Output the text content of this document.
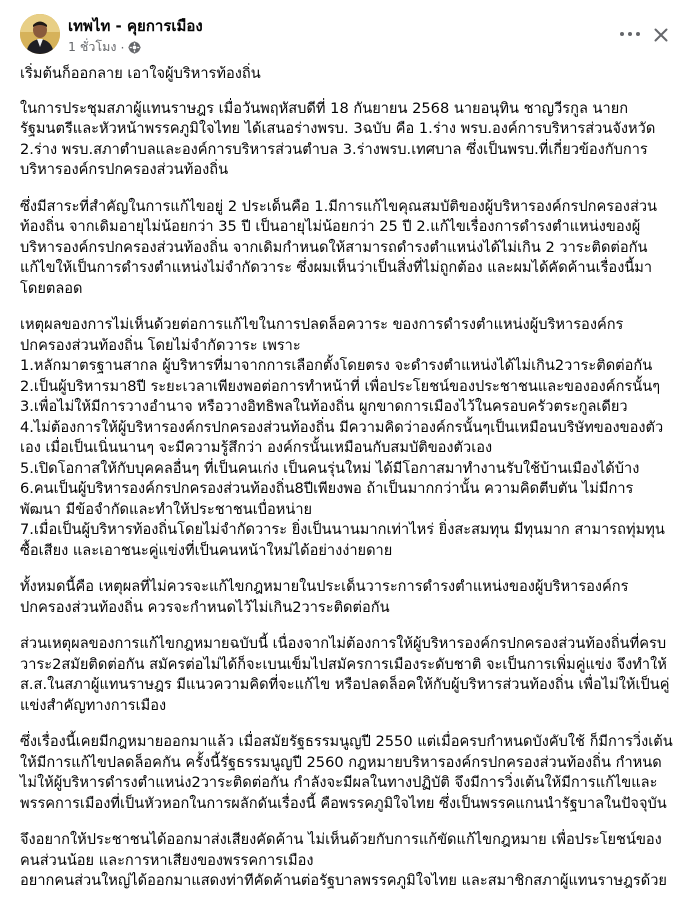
เทพไท - คุยการเมือง
1 ชั่วโมง ·

เริ่มต้นก็ออกลาย เอาใจผู้บริหารท้องถิ่น

ในการประชุมสภาผู้แทนราษฎร เมื่อวันพฤหัสบดีที่ 18 กันยายน 2568 นายอนุทิน ชาญวีรกูล นายกรัฐมนตรีและหัวหน้าพรรคภูมิใจไทย ได้เสนอร่างพรบ. 3ฉบับ คือ 1.ร่าง พรบ.องค์การบริหารส่วนจังหวัด 2.ร่าง พรบ.สภาตำบลและองค์การบริหารส่วนตำบล 3.ร่างพรบ.เทศบาล ซึ่งเป็นพรบ.ที่เกี่ยวข้องกับการบริหารองค์กรปกครองส่วนท้องถิ่น

ซึ่งมีสาระที่สำคัญในการแก้ไขอยู่ 2 ประเด็นคือ 1.มีการแก้ไขคุณสมบัติของผู้บริหารองค์กรปกครองส่วนท้องถิ่น จากเดิมอายุไม่น้อยกว่า 35 ปี เป็นอายุไม่น้อยกว่า 25 ปี 2.แก้ไขเรื่องการดำรงตำแหน่งของผู้บริหารองค์กรปกครองส่วนท้องถิ่น จากเดิมกำหนดให้สามารถดำรงตำแหน่งได้ไม่เกิน 2 วาระติดต่อกัน แก้ไขให้เป็นการดำรงตำแหน่งไม่จำกัดวาระ ซึ่งผมเห็นว่าเป็นสิ่งที่ไม่ถูกต้อง และผมได้คัดค้านเรื่องนี้มาโดยตลอด

เหตุผลของการไม่เห็นด้วยต่อการแก้ไขในการปลดล็อควาระ ของการดำรงตำแหน่งผู้บริหารองค์กรปกครองส่วนท้องถิ่น โดยไม่จำกัดวาระ เพราะ
1.หลักมาตรฐานสากล ผู้บริหารที่มาจากการเลือกตั้งโดยตรง จะดำรงตำแหน่งได้ไม่เกิน2วาระติดต่อกัน
2.เป็นผู้บริหารมา8ปี ระยะเวลาเพียงพอต่อการทำหน้าที่ เพื่อประโยชน์ของประชาชนและขององค์กรนั้นๆ
3.เพื่อไม่ให้มีการวางอำนาจ หรือวางอิทธิพลในท้องถิ่น ผูกขาดการเมืองไว้ในครอบครัวตระกูลเดียว
4.ไม่ต้องการให้ผู้บริหารองค์กรปกครองส่วนท้องถิ่น มีความคิดว่าองค์กรนั้นๆเป็นเหมือนบริษัทของของตัวเอง เมื่อเป็นเนิ่นนานๆ จะมีความรู้สึกว่า องค์กรนั้นเหมือนกับสมบัติของตัวเอง
5.เปิดโอกาสให้กับบุคคลอื่นๆ ที่เป็นคนเก่ง เป็นคนรุ่นใหม่ ได้มีโอกาสมาทำงานรับใช้บ้านเมืองได้บ้าง
6.คนเป็นผู้บริหารองค์กรปกครองส่วนท้องถิ่น8ปีเพียงพอ ถ้าเป็นมากกว่านั้น ความคิดตีบตัน ไม่มีการพัฒนา มีข้อจำกัดและทำให้ประชาชนเบื่อหน่าย
7.เมื่อเป็นผู้บริหารท้องถิ่นโดยไม่จำกัดวาระ ยิ่งเป็นนานมากเท่าไหร่ ยิ่งสะสมทุน มีทุนมาก สามารถทุ่มทุนซื้อเสียง และเอาชนะคู่แข่งที่เป็นคนหน้าใหม่ได้อย่างง่ายดาย

ทั้งหมดนี้คือ เหตุผลที่ไม่ควรจะแก้ไขกฎหมายในประเด็นวาระการดำรงตำแหน่งของผู้บริหารองค์กรปกครองส่วนท้องถิ่น ควรจะกำหนดไว้ไม่เกิน2วาระติดต่อกัน

ส่วนเหตุผลของการแก้ไขกฎหมายฉบับนี้ เนื่องจากไม่ต้องการให้ผู้บริหารองค์กรปกครองส่วนท้องถิ่นที่ครบวาระ2สมัยติดต่อกัน สมัครต่อไม่ได้ก็จะเบนเข็มไปสมัครการเมืองระดับชาติ จะเป็นการเพิ่มคู่แข่ง จึงทำให้ ส.ส.ในสภาผู้แทนราษฎร มีแนวความคิดที่จะแก้ไข หรือปลดล็อคให้กับผู้บริหารส่วนท้องถิ่น เพื่อไม่ให้เป็นคู่แข่งสำคัญทางการเมือง

ซึ่งเรื่องนี้เคยมีกฎหมายออกมาแล้ว เมื่อสมัยรัฐธรรมนูญปี 2550 แต่เมื่อครบกำหนดบังคับใช้ ก็มีการวิ่งเต้นให้มีการแก้ไขปลดล็อคกัน ครั้งนี้รัฐธรรมนูญปี 2560 กฎหมายบริหารองค์กรปกครองส่วนท้องถิ่น กำหนดไม่ให้ผู้บริหารดำรงตำแหน่ง2วาระติดต่อกัน กำลังจะมีผลในทางปฏิบัติ จึงมีการวิ่งเต้นให้มีการแก้ไขและพรรคการเมืองที่เป็นหัวหอกในการผลักดันเรื่องนี้ คือพรรคภูมิใจไทย ซึ่งเป็นพรรคแกนนำรัฐบาลในปัจจุบัน

จึงอยากให้ประชาชนได้ออกมาส่งเสียงคัดค้าน ไม่เห็นด้วยกับการแก้ขัดแก้ไขกฎหมาย เพื่อประโยชน์ของคนส่วนน้อย และการหาเสียงของพรรคการเมือง
อยากคนส่วนใหญ่ได้ออกมาแสดงท่าทีคัดค้านต่อรัฐบาลพรรคภูมิใจไทย และสมาชิกสภาผู้แทนราษฎรด้วย
